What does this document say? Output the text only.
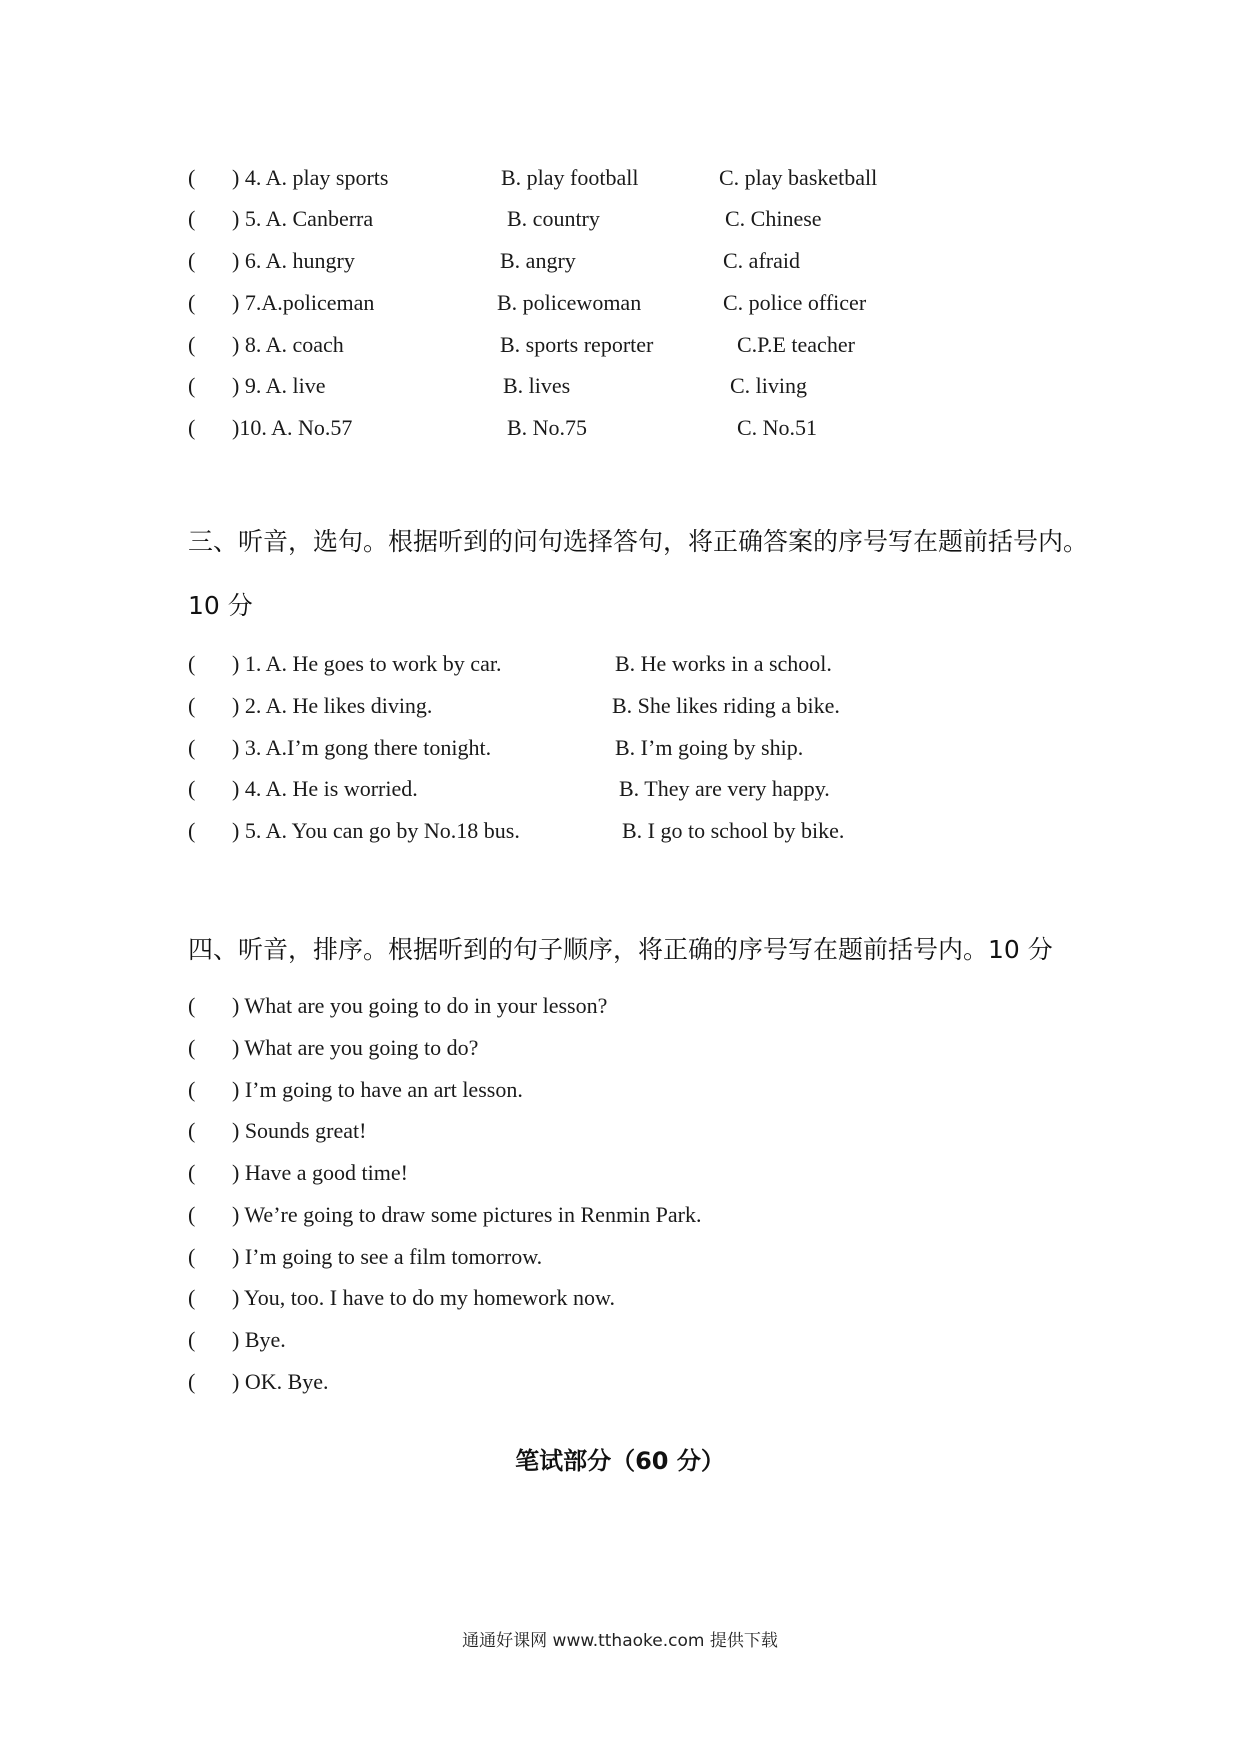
( ) 4. A. play sports	B. play football	C. play basketball
( ) 5. A. Canberra	B. country	C. Chinese
( ) 6. A. hungry	B. angry	C. afraid
( ) 7.A.policeman	B. policewoman	C. police officer
( ) 8. A. coach	B. sports reporter	C.P.E teacher
( ) 9. A. live	B. lives	C. living
( )10. A. No.57	B. No.75	C. No.51
三、听音，选句。根据听到的问句选择答句，将正确答案的序号写在题前括号内。
10 分
( ) 1. A. He goes to work by car.	B. He works in a school.
( ) 2. A. He likes diving.	B. She likes riding a bike.
( ) 3. A.I’m gong there tonight.	B. I’m going by ship.
( ) 4. A. He is worried.	B. They are very happy.
( ) 5. A. You can go by No.18 bus.	B. I go to school by bike.
四、听音，排序。根据听到的句子顺序，将正确的序号写在题前括号内。10 分
( ) What are you going to do in your lesson?
( ) What are you going to do?
( ) I’m going to have an art lesson.
( ) Sounds great!
( ) Have a good time!
( ) We’re going to draw some pictures in Renmin Park.
( ) I’m going to see a film tomorrow.
( ) You, too. I have to do my homework now.
( ) Bye.
( ) OK. Bye.
笔试部分（60 分）
通通好课网 www.tthaoke.com 提供下载
